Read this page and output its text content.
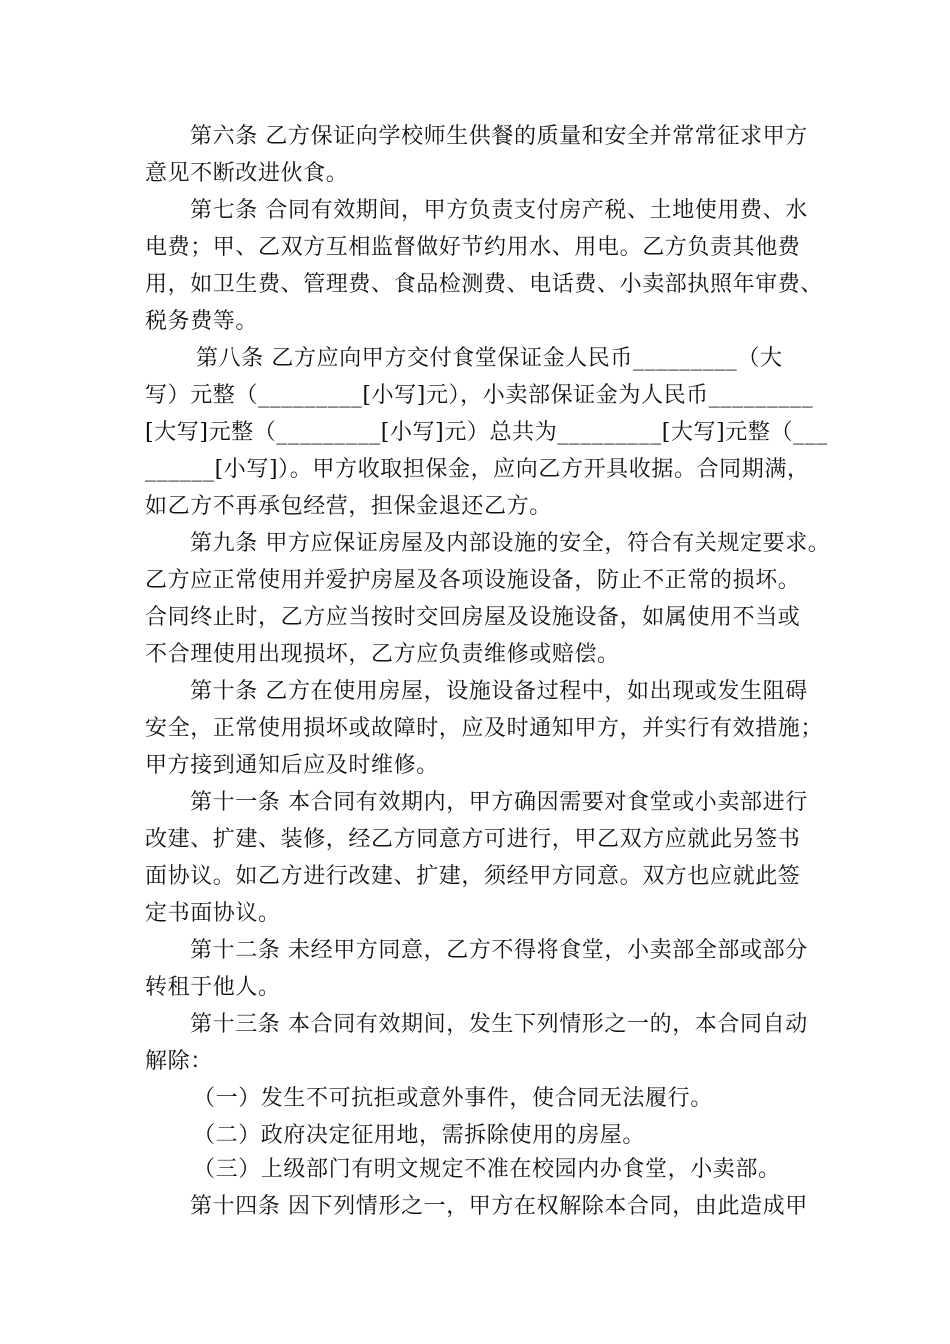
第六条 乙方保证向学校师生供餐的质量和安全并常常征求甲方
意见不断改进伙食。
第七条 合同有效期间，甲方负责支付房产税、土地使用费、水
电费；甲、乙双方互相监督做好节约用水、用电。乙方负责其他费
用，如卫生费、管理费、食品检测费、电话费、小卖部执照年审费、
税务费等。
第八条 乙方应向甲方交付食堂保证金人民币_________（大
写）元整（_________[小写]元），小卖部保证金为人民币_________
[大写]元整（_________[小写]元）总共为_________[大写]元整（___
______[小写]）。甲方收取担保金，应向乙方开具收据。合同期满，
如乙方不再承包经营，担保金退还乙方。
第九条 甲方应保证房屋及内部设施的安全，符合有关规定要求。
乙方应正常使用并爱护房屋及各项设施设备，防止不正常的损坏。
合同终止时，乙方应当按时交回房屋及设施设备，如属使用不当或
不合理使用出现损坏，乙方应负责维修或赔偿。
第十条 乙方在使用房屋，设施设备过程中，如出现或发生阻碍
安全，正常使用损坏或故障时，应及时通知甲方，并实行有效措施；
甲方接到通知后应及时维修。
第十一条 本合同有效期内，甲方确因需要对食堂或小卖部进行
改建、扩建、装修，经乙方同意方可进行，甲乙双方应就此另签书
面协议。如乙方进行改建、扩建，须经甲方同意。双方也应就此签
定书面协议。
第十二条 未经甲方同意，乙方不得将食堂，小卖部全部或部分
转租于他人。
第十三条 本合同有效期间，发生下列情形之一的，本合同自动
解除：
（一）发生不可抗拒或意外事件，使合同无法履行。
（二）政府决定征用地，需拆除使用的房屋。
（三）上级部门有明文规定不准在校园内办食堂，小卖部。
第十四条 因下列情形之一，甲方在权解除本合同，由此造成甲
